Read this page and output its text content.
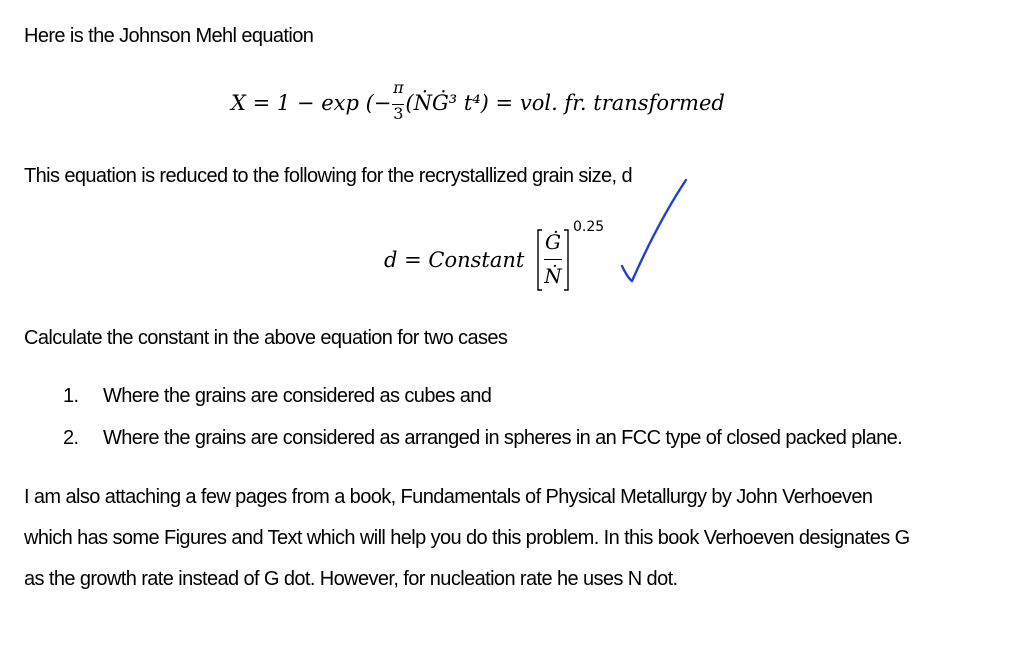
Here is the Johnson Mehl equation
X = 1 − exp (− $\frac{\pi}{3}$ (ṄĠ³ t⁴) = vol. fr. transformed
This equation is reduced to the following for the recrystallized grain size, d
d = Constant
Ġ
Ṅ
0.25
Calculate the constant in the above equation for two cases
1. Where the grains are considered as cubes and
2. Where the grains are considered as arranged in spheres in an FCC type of closed packed plane.
I am also attaching a few pages from a book, Fundamentals of Physical Metallurgy by John Verhoeven
which has some Figures and Text which will help you do this problem. In this book Verhoeven designates G
as the growth rate instead of G dot. However, for nucleation rate he uses N dot.
